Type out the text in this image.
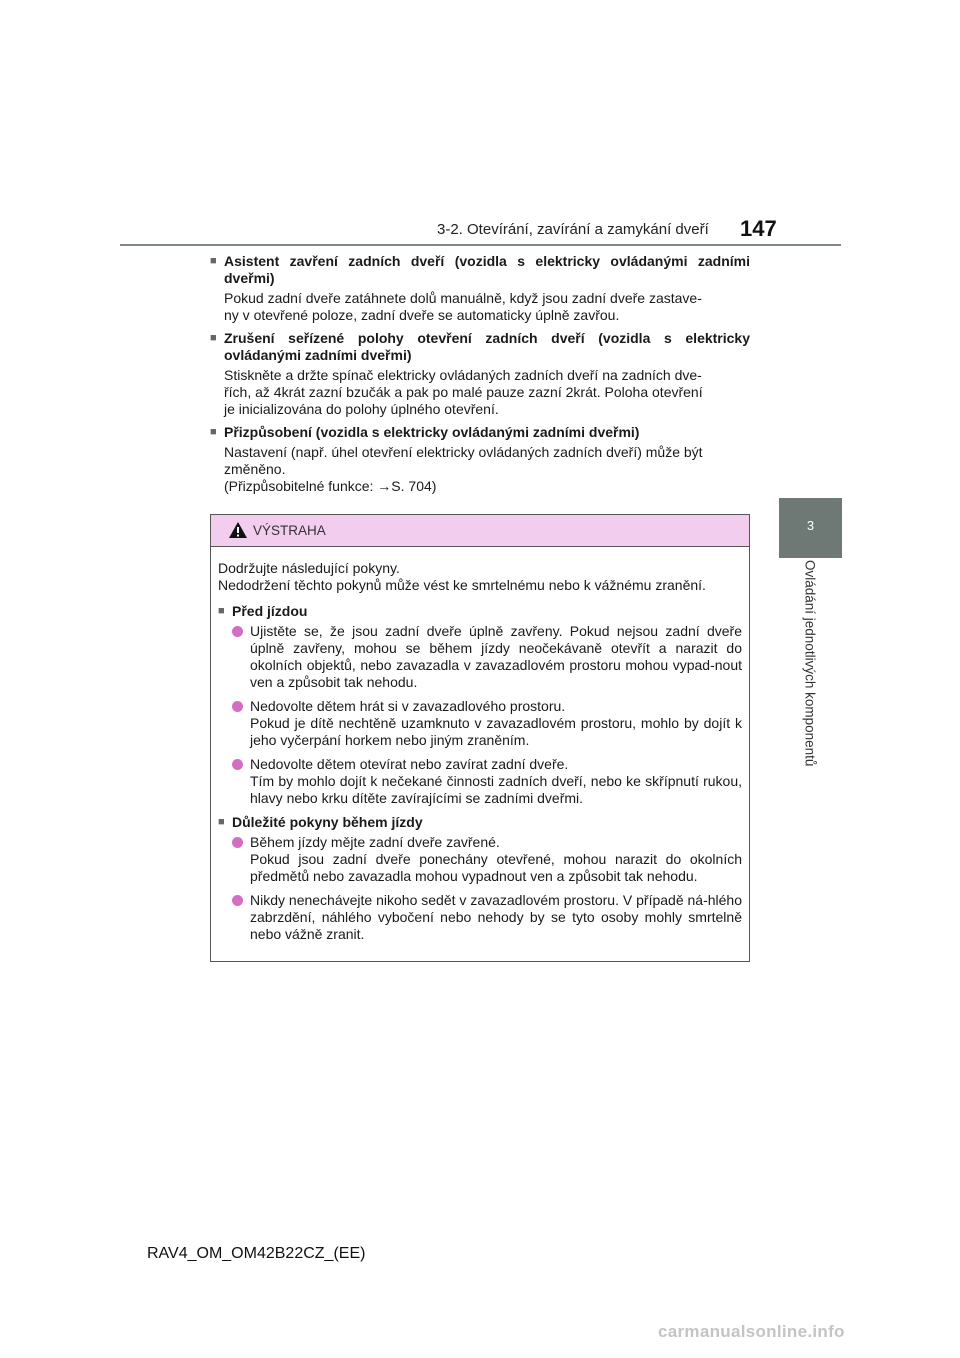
3-2. Otevírání, zavírání a zamykání dveří 147
3
Ovládání jednotlivých komponentů
■ Asistent zavření zadních dveří (vozidla s elektricky ovládanými zadními dveřmi)
Pokud zadní dveře zatáhnete dolů manuálně, když jsou zadní dveře zastave-
ny v otevřené poloze, zadní dveře se automaticky úplně zavřou.
■ Zrušení seřízené polohy otevření zadních dveří (vozidla s elektricky ovládanými zadními dveřmi)
Stiskněte a držte spínač elektricky ovládaných zadních dveří na zadních dve-
řích, až 4krát zazní bzučák a pak po malé pauze zazní 2krát. Poloha otevření
je inicializována do polohy úplného otevření.
■ Přizpůsobení (vozidla s elektricky ovládanými zadními dveřmi)
Nastavení (např. úhel otevření elektricky ovládaných zadních dveří) může být
změněno.
(Přizpůsobitelné funkce: →S. 704)
VÝSTRAHA
Dodržujte následující pokyny.
Nedodržení těchto pokynů může vést ke smrtelnému nebo k vážnému zranění.
■ Před jízdou
Ujistěte se, že jsou zadní dveře úplně zavřeny. Pokud nejsou zadní dveře úplně zavřeny, mohou se během jízdy neočekávaně otevřít a narazit do okolních objektů, nebo zavazadla v zavazadlovém prostoru mohou vypad-nout ven a způsobit tak nehodu.
Nedovolte dětem hrát si v zavazadlového prostoru.
Pokud je dítě nechtěně uzamknuto v zavazadlovém prostoru, mohlo by dojít k jeho vyčerpání horkem nebo jiným zraněním.
Nedovolte dětem otevírat nebo zavírat zadní dveře.
Tím by mohlo dojít k nečekané činnosti zadních dveří, nebo ke skřípnutí rukou, hlavy nebo krku dítěte zavírajícími se zadními dveřmi.
■ Důležité pokyny během jízdy
Během jízdy mějte zadní dveře zavřené.
Pokud jsou zadní dveře ponechány otevřené, mohou narazit do okolních předmětů nebo zavazadla mohou vypadnout ven a způsobit tak nehodu.
Nikdy nenechávejte nikoho sedět v zavazadlovém prostoru. V případě ná-hlého zabrzdění, náhlého vybočení nebo nehody by se tyto osoby mohly smrtelně nebo vážně zranit.
RAV4_OM_OM42B22CZ_(EE)
carmanualsonline.info
